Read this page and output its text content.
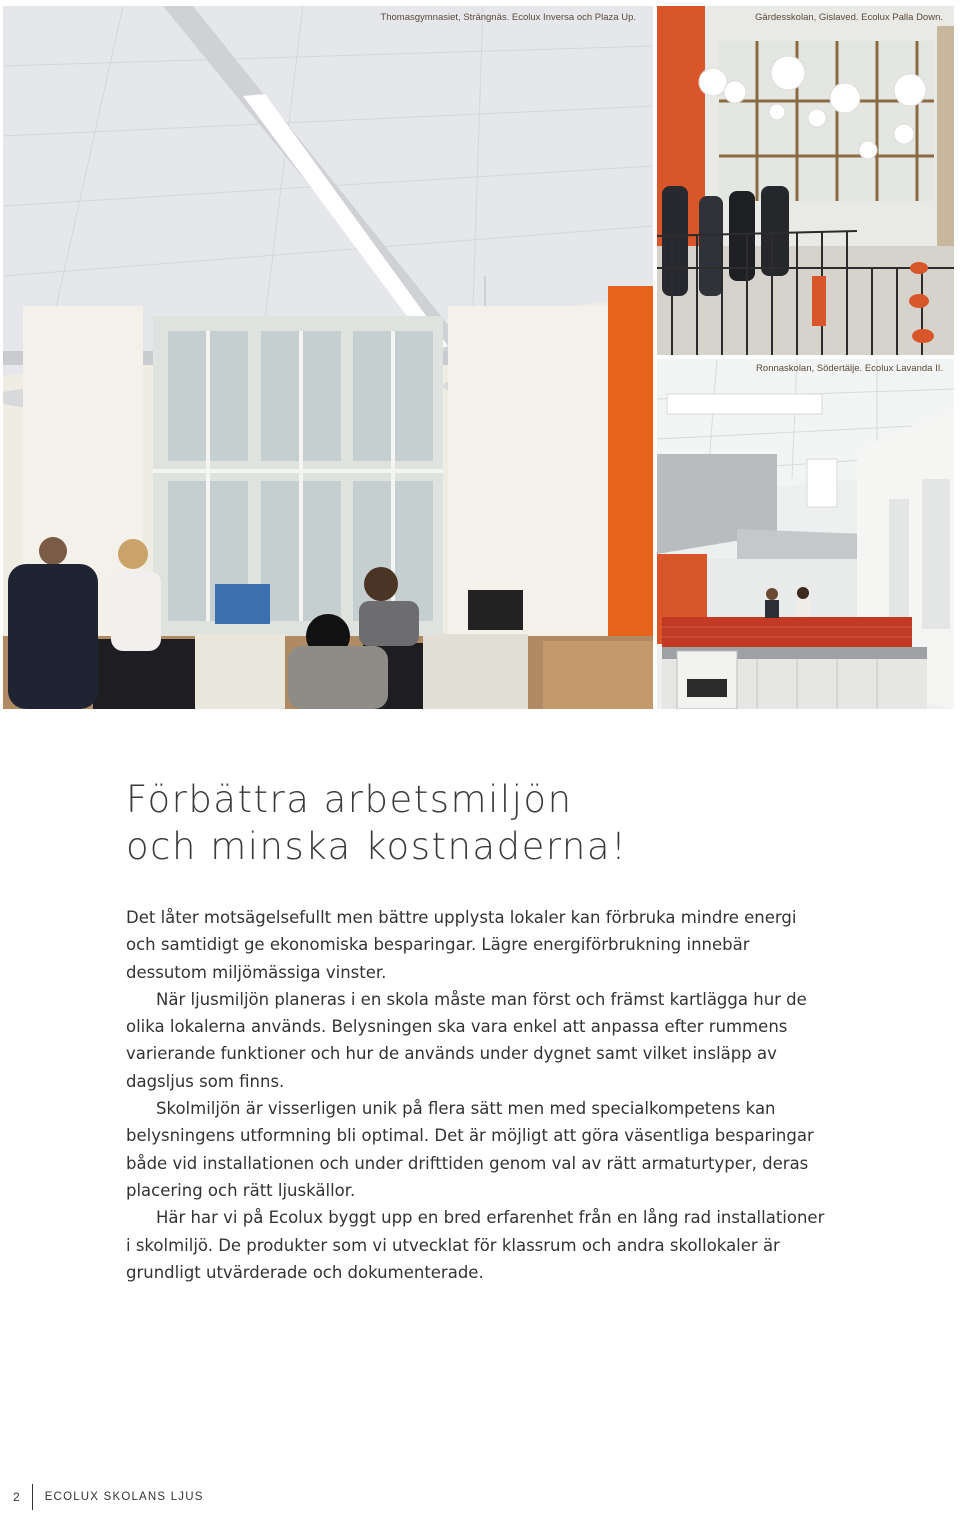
Thomasgymnasiet, Strängnäs. Ecolux Inversa och Plaza Up.	Gärdesskolan, Gislaved. Ecolux Palla Down.
Ronnaskolan, Södertälje. Ecolux Lavanda II.
Förbättra arbetsmiljön
och minska kostnaderna!

Det låter motsägelsefullt men bättre upplysta lokaler kan förbruka mindre energi och samtidigt ge ekonomiska besparingar. Lägre energiförbrukning innebär dessutom miljömässiga vinster.

När ljusmiljön planeras i en skola måste man först och främst kartlägga hur de olika lokalerna används. Belysningen ska vara enkel att anpassa efter rummens varierande funktioner och hur de används under dygnet samt vilket insläpp av dagsljus som finns.

Skolmiljön är visserligen unik på flera sätt men med specialkompetens kan belysningens utformning bli optimal. Det är möjligt att göra väsentliga besparingar både vid installationen och under drifttiden genom val av rätt armaturtyper, deras placering och rätt ljuskällor.

Här har vi på Ecolux byggt upp en bred erfarenhet från en lång rad installationer i skolmiljö. De produkter som vi utvecklat för klassrum och andra skollokaler är grundligt utvärderade och dokumenterade.

2 ECOLUX SKOLANS LJUS
